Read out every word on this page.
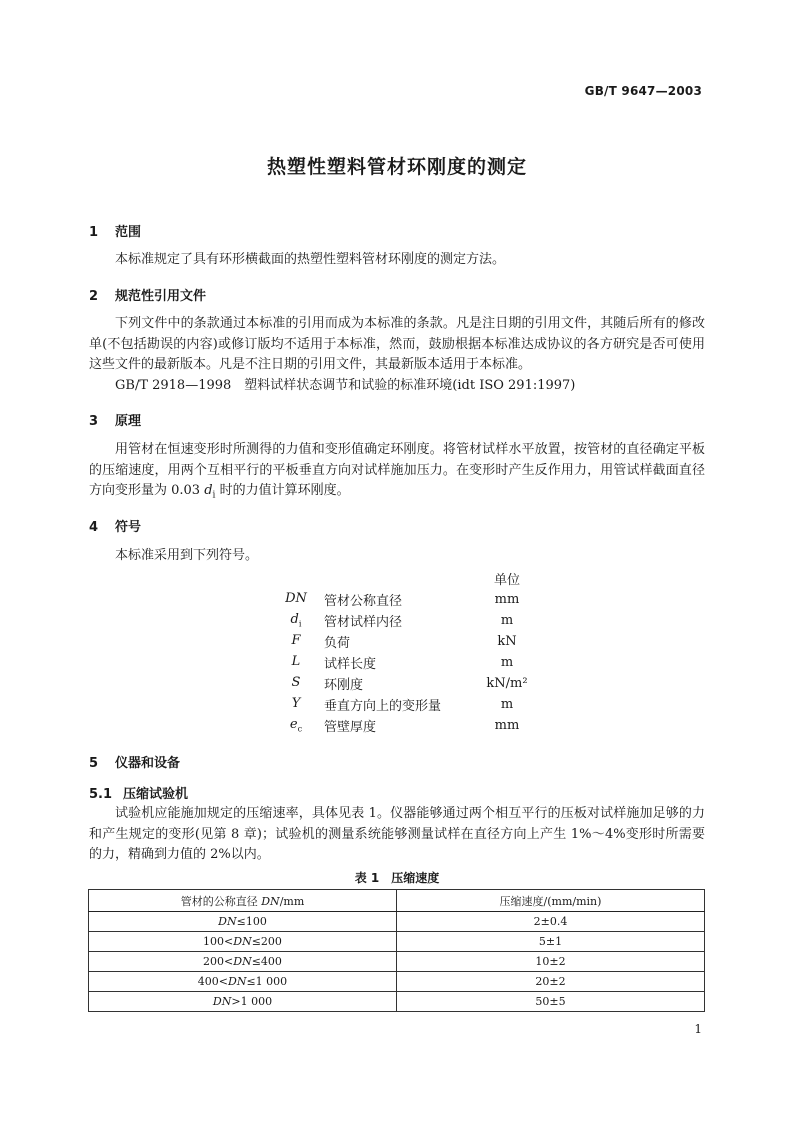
GB/T 9647—2003
热塑性塑料管材环刚度的测定
1 范围
本标准规定了具有环形横截面的热塑性塑料管材环刚度的测定方法。
2 规范性引用文件
下列文件中的条款通过本标准的引用而成为本标准的条款。凡是注日期的引用文件，其随后所有的修改单(不包括勘误的内容)或修订版均不适用于本标准，然而，鼓励根据本标准达成协议的各方研究是否可使用这些文件的最新版本。凡是不注日期的引用文件，其最新版本适用于本标准。
GB/T 2918—1998　塑料试样状态调节和试验的标准环境(idt ISO 291:1997)
3 原理
用管材在恒速变形时所测得的力值和变形值确定环刚度。将管材试样水平放置，按管材的直径确定平板的压缩速度，用两个互相平行的平板垂直方向对试样施加压力。在变形时产生反作用力，用管试样截面直径方向变形量为 0.03 $d_i$ 时的力值计算环刚度。
4 符号
本标准采用到下列符号。
		单位
DN	管材公称直径	mm
$d_i$	管材试样内径	m
F	负荷	kN
L	试样长度	m
S	环刚度	kN/m²
Y	垂直方向上的变形量	m
$e_c$	管壁厚度	mm
5 仪器和设备
5.1 压缩试验机
试验机应能施加规定的压缩速率，具体见表 1。仪器能够通过两个相互平行的压板对试样施加足够的力和产生规定的变形(见第 8 章)；试验机的测量系统能够测量试样在直径方向上产生 1%～4%变形时所需要的力，精确到力值的 2%以内。
表 1 压缩速度
管材的公称直径 DN/mm	压缩速度/(mm/min)
DN≤100	2±0.4
100<DN≤200	5±1
200<DN≤400	10±2
400<DN≤1 000	20±2
DN>1 000	50±5
1
